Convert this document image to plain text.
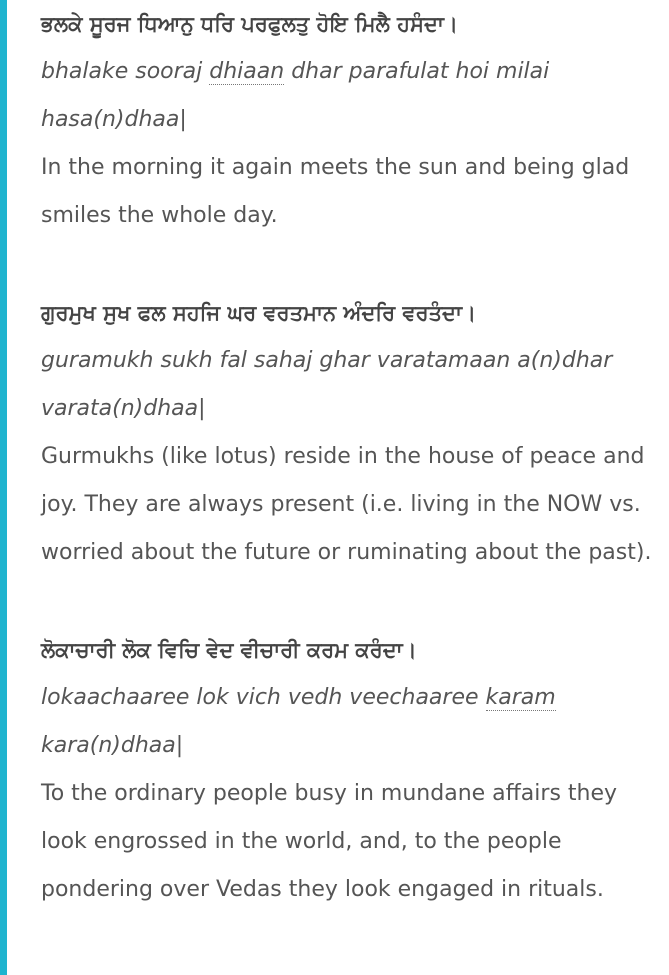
ਭਲਕੇ ਸੂਰਜ ਧਿਆਨੁ ਧਰਿ ਪਰਫੁਲਤੁ ਹੋਇ ਮਿਲੈ ਹਸੰਦਾ।
bhalake sooraj dhiaan dhar parafulat hoi milai hasa(n)dhaa|
In the morning it again meets the sun and being glad smiles the whole day.
ਗੁਰਮੁਖ ਸੁਖ ਫਲ ਸਹਜਿ ਘਰ ਵਰਤਮਾਨ ਅੰਦਰਿ ਵਰਤੰਦਾ।
guramukh sukh fal sahaj ghar varatamaan a(n)dhar varata(n)dhaa|
Gurmukhs (like lotus) reside in the house of peace and joy. They are always present (i.e. living in the NOW vs. worried about the future or ruminating about the past).
ਲੋਕਾਚਾਰੀ ਲੋਕ ਵਿਚਿ ਵੇਦ ਵੀਚਾਰੀ ਕਰਮ ਕਰੰਦਾ।
lokaachaaree lok vich vedh veechaaree karam kara(n)dhaa|
To the ordinary people busy in mundane affairs they look engrossed in the world, and, to the people pondering over Vedas they look engaged in rituals.
